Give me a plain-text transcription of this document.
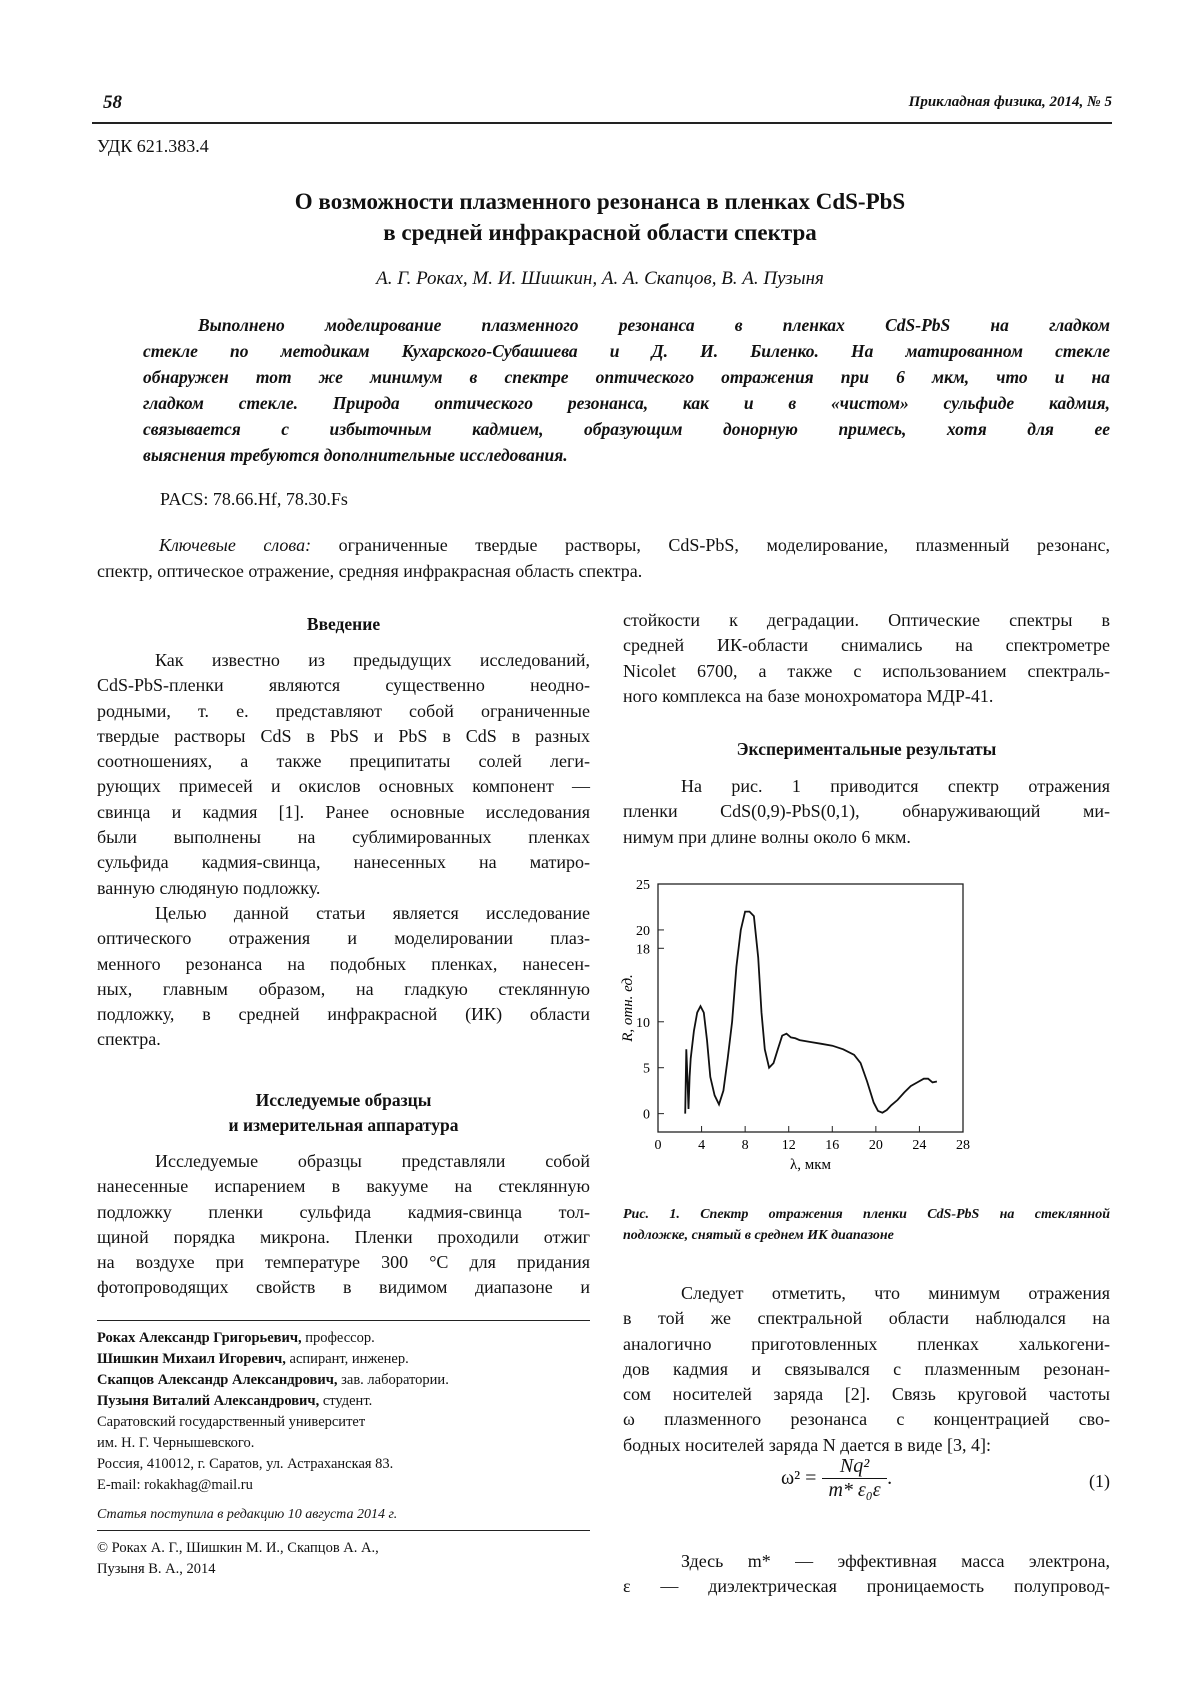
58	Прикладная физика, 2014, № 5
УДК 621.383.4
О возможности плазменного резонанса в пленках CdS-PbS
в средней инфракрасной области спектра
А. Г. Роках, М. И. Шишкин, А. А. Скапцов, В. А. Пузыня
Выполнено моделирование плазменного резонанса в пленках CdS-PbS на гладком
стекле по методикам Кухарского-Субашиева и Д. И. Биленко. На матированном стекле
обнаружен тот же минимум в спектре оптического отражения при 6 мкм, что и на
гладком стекле. Природа оптического резонанса, как и в «чистом» сульфиде кадмия,
связывается с избыточным кадмием, образующим донорную примесь, хотя для ее
выяснения требуются дополнительные исследования.
PACS: 78.66.Hf, 78.30.Fs
Ключевые слова: ограниченные твердые растворы, CdS-PbS, моделирование, плазменный резонанс,
спектр, оптическое отражение, средняя инфракрасная область спектра.
Введение
Как известно из предыдущих исследований,
CdS-PbS-пленки являются существенно неодно-
родными, т. е. представляют собой ограниченные
твердые растворы CdS в PbS и PbS в CdS в разных
соотношениях, а также преципитаты солей леги-
рующих примесей и окислов основных компонент —
свинца и кадмия [1]. Ранее основные исследования
были выполнены на сублимированных пленках
сульфида кадмия-свинца, нанесенных на матиро-
ванную слюдяную подложку.
Целью данной статьи является исследование
оптического отражения и моделировании плаз-
менного резонанса на подобных пленках, нанесен-
ных, главным образом, на гладкую стеклянную
подложку, в средней инфракрасной (ИК) области
спектра.
Исследуемые образцы
и измерительная аппаратура
Исследуемые образцы представляли собой
нанесенные испарением в вакууме на стеклянную
подложку пленки сульфида кадмия-свинца тол-
щиной порядка микрона. Пленки проходили отжиг
на воздухе при температуре 300 °С для придания
фотопроводящих свойств в видимом диапазоне и
Роках Александр Григорьевич, профессор.
Шишкин Михаил Игоревич, аспирант, инженер.
Скапцов Александр Александрович, зав. лаборатории.
Пузыня Виталий Александрович, студент.
Саратовский государственный университет
им. Н. Г. Чернышевского.
Россия, 410012, г. Саратов, ул. Астраханская 83.
E-mail: rokakhag@mail.ru
Статья поступила в редакцию 10 августа 2014 г.
© Роках А. Г., Шишкин М. И., Скапцов А. А.,
Пузыня В. А., 2014
стойкости к деградации. Оптические спектры в
средней ИК-области снимались на спектрометре
Nicolet 6700, а также с использованием спектраль-
ного комплекса на базе монохроматора МДР-41.
Экспериментальные результаты
На рис. 1 приводится спектр отражения
пленки CdS(0,9)-PbS(0,1), обнаруживающий ми-
нимум при длине волны около 6 мкм.
0	4	8 12 16 20 24 28
0
5
10
18
20
25
λ, мкм
R, отн. ед.
Рис. 1. Спектр отражения пленки CdS-PbS на стеклянной
подложке, снятый в среднем ИК диапазоне
Следует отметить, что минимум отражения
в той же спектральной области наблюдался на
аналогично приготовленных пленках халькогени-
дов кадмия и связывался с плазменным резонан-
сом носителей заряда [2]. Связь круговой частоты
ω плазменного резонанса с концентрацией сво-
бодных носителей заряда N дается в виде [3, 4]:
ω² =	Nq²	.
m* ε₀ε	(1)
Здесь m* — эффективная масса электрона,
ε — диэлектрическая проницаемость полупровод-
